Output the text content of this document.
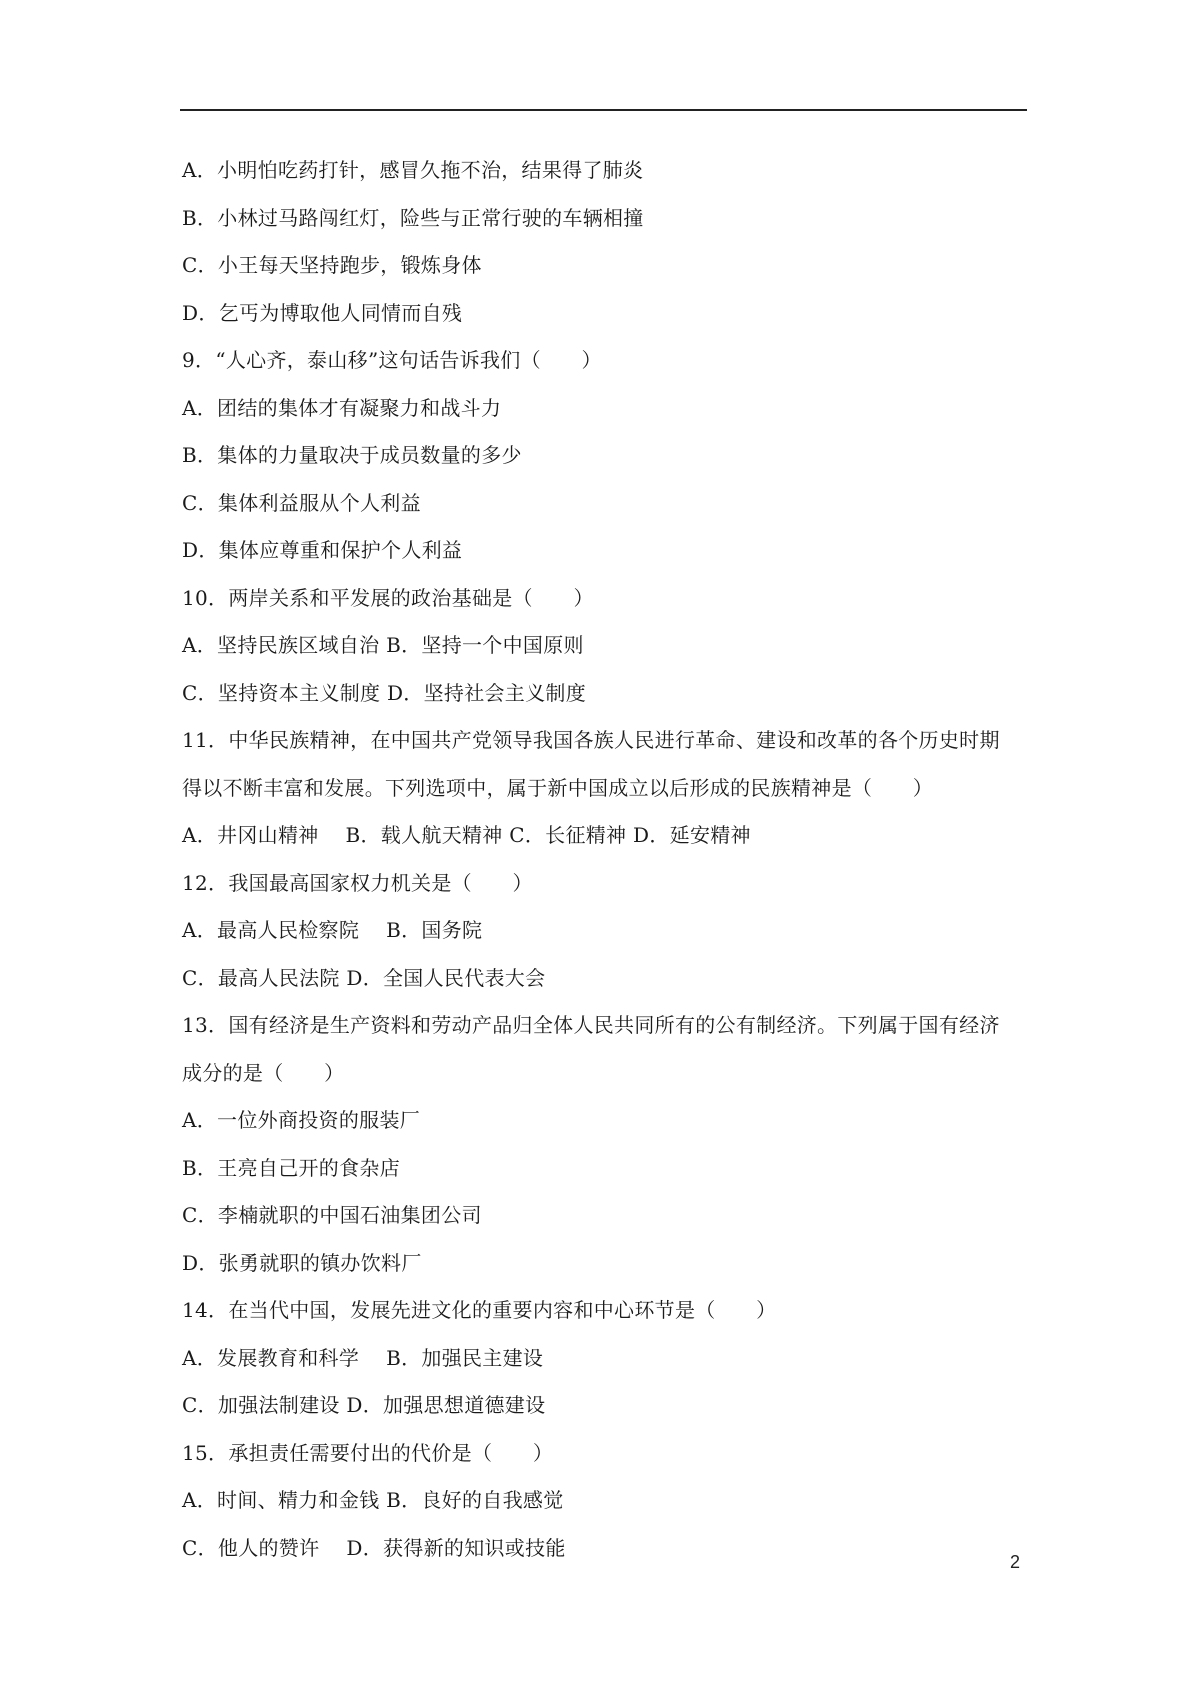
A．小明怕吃药打针，感冒久拖不治，结果得了肺炎
B．小林过马路闯红灯，险些与正常行驶的车辆相撞
C．小王每天坚持跑步，锻炼身体
D．乞丐为博取他人同情而自残
9．“人心齐，泰山移”这句话告诉我们（　　）
A．团结的集体才有凝聚力和战斗力
B．集体的力量取决于成员数量的多少
C．集体利益服从个人利益
D．集体应尊重和保护个人利益
10．两岸关系和平发展的政治基础是（　　）
A．坚持民族区域自治 B．坚持一个中国原则
C．坚持资本主义制度 D．坚持社会主义制度
11．中华民族精神，在中国共产党领导我国各族人民进行革命、建设和改革的各个历史时期
得以不断丰富和发展。下列选项中，属于新中国成立以后形成的民族精神是（　　）
A．井冈山精神　 B．载人航天精神 C．长征精神 D．延安精神
12．我国最高国家权力机关是（　　）
A．最高人民检察院　 B．国务院
C．最高人民法院 D．全国人民代表大会
13．国有经济是生产资料和劳动产品归全体人民共同所有的公有制经济。下列属于国有经济
成分的是（　　）
A．一位外商投资的服装厂
B．王亮自己开的食杂店
C．李楠就职的中国石油集团公司
D．张勇就职的镇办饮料厂
14．在当代中国，发展先进文化的重要内容和中心环节是（　　）
A．发展教育和科学　 B．加强民主建设
C．加强法制建设 D．加强思想道德建设
15．承担责任需要付出的代价是（　　）
A．时间、精力和金钱 B．良好的自我感觉
C．他人的赞许　 D．获得新的知识或技能
2
